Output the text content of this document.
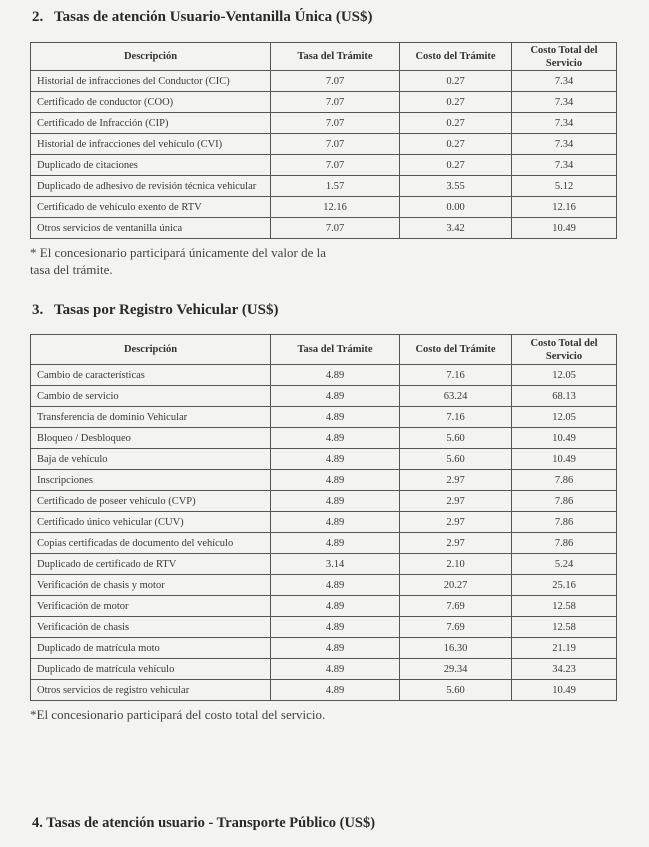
2. Tasas de atención Usuario-Ventanilla Única (US$)
Descripción	Tasa del Trámite	Costo del Trámite	Costo Total del Servicio
Historial de infracciones del Conductor (CIC)	7.07	0.27	7.34
Certificado de conductor (COO)	7.07	0.27	7.34
Certificado de Infracción (CIP)	7.07	0.27	7.34
Historial de infracciones del vehículo (CVI)	7.07	0.27	7.34
Duplicado de citaciones	7.07	0.27	7.34
Duplicado de adhesivo de revisión técnica vehicular	1.57	3.55	5.12
Certificado de vehículo exento de RTV	12.16	0.00	12.16
Otros servicios de ventanilla única	7.07	3.42	10.49
* El concesionario participará únicamente del valor de la
tasa del trámite.
3. Tasas por Registro Vehicular (US$)
Descripción	Tasa del Trámite	Costo del Trámite	Costo Total del Servicio
Cambio de características	4.89	7.16	12.05
Cambio de servicio	4.89	63.24	68.13
Transferencia de dominio Vehicular	4.89	7.16	12.05
Bloqueo / Desbloqueo	4.89	5.60	10.49
Baja de vehículo	4.89	5.60	10.49
Inscripciones	4.89	2.97	7.86
Certificado de poseer vehículo (CVP)	4.89	2.97	7.86
Certificado único vehicular (CUV)	4.89	2.97	7.86
Copias certificadas de documento del vehículo	4.89	2.97	7.86
Duplicado de certificado de RTV	3.14	2.10	5.24
Verificación de chasis y motor	4.89	20.27	25.16
Verificación de motor	4.89	7.69	12.58
Verificación de chasis	4.89	7.69	12.58
Duplicado de matrícula moto	4.89	16.30	21.19
Duplicado de matrícula vehículo	4.89	29.34	34.23
Otros servicios de registro vehicular	4.89	5.60	10.49
*El concesionario participará del costo total del servicio.
4. Tasas de atención usuario - Transporte Público (US$)
